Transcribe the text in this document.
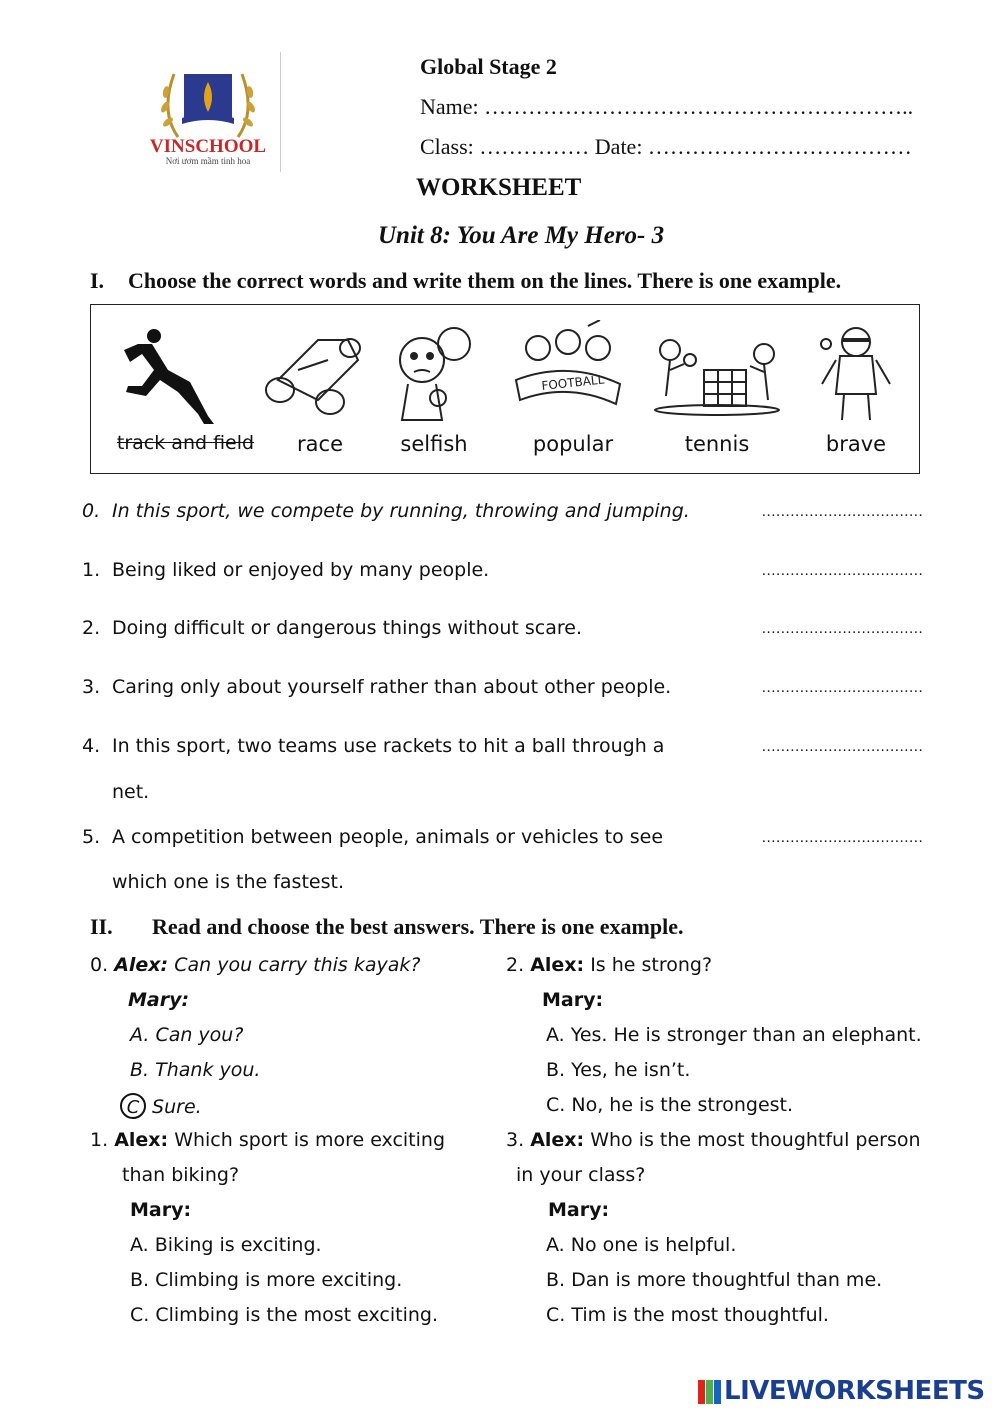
VINSCHOOL
Nơi ươm mầm tinh hoa
Global Stage 2
Name: …………………………………………………..
Class: …………… Date: ………………………………
WORKSHEET
Unit 8: You Are My Hero- 3
I. Choose the correct words and write them on the lines. There is one example.
FOOTBALL
track and field	race	selfish	popular	tennis	brave
0. In this sport, we compete by running, throwing and jumping.	..................................
1. Being liked or enjoyed by many people.	..................................
2. Doing difficult or dangerous things without scare.	..................................
3. Caring only about yourself rather than about other people.	..................................
4. In this sport, two teams use rackets to hit a ball through a
net.
..................................
5. A competition between people, animals or vehicles to see
which one is the fastest.
..................................
II. Read and choose the best answers. There is one example.
0. Alex: Can you carry this kayak?
Mary:
A. Can you?
B. Thank you.
C Sure.
1. Alex: Which sport is more exciting
than biking?
Mary:
A. Biking is exciting.
B. Climbing is more exciting.
C. Climbing is the most exciting.
2. Alex: Is he strong?
Mary:
A. Yes. He is stronger than an elephant.
B. Yes, he isn’t.
C. No, he is the strongest.
3. Alex: Who is the most thoughtful person
in your class?
Mary:
A. No one is helpful.
B. Dan is more thoughtful than me.
C. Tim is the most thoughtful.
LIVEWORKSHEETS
